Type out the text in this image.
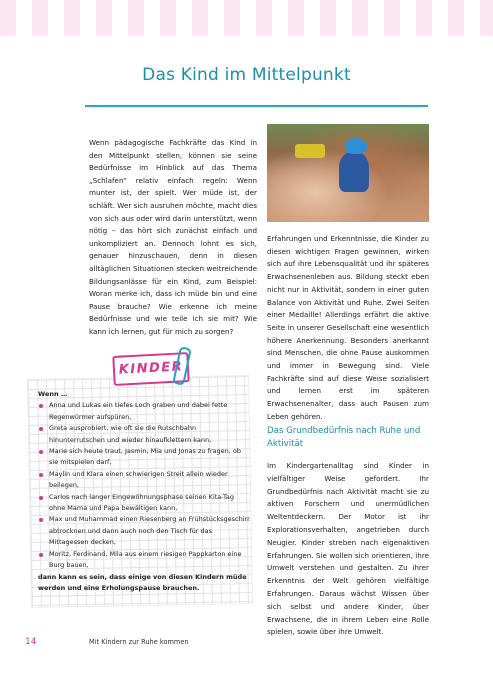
Das Kind im Mittelpunkt

Wenn pädagogische Fachkräfte das Kind in den Mittelpunkt stellen, können sie seine Bedürfnisse im Hinblick auf das Thema „Schlafen“ relativ einfach regeln: Wenn munter ist, der spielt. Wer müde ist, der schläft. Wer sich ausruhen möchte, macht dies von sich aus oder wird darin unterstützt, wenn nötig – das hört sich zunächst einfach und unkompliziert an. Dennoch lohnt es sich, genauer hinzuschauen, denn in diesen alltäglichen Situationen stecken weitreichende Bildungsanlässe für ein Kind, zum Beispiel: Woran merke ich, dass ich müde bin und eine Pause brauche? Wie erkenne ich meine Bedürfnisse und wie teile ich sie mit? Wie kann ich lernen, gut für mich zu sorgen?

Erfahrungen und Erkenntnisse, die Kinder zu diesen wichtigen Fragen gewinnen, wirken sich auf ihre Lebensqualität und ihr späteres Erwachsenenleben aus. Bildung steckt eben nicht nur in Aktivität, sondern in einer guten Balance von Aktivität und Ruhe. Zwei Seiten einer Medaille! Allerdings erfährt die aktive Seite in unserer Gesellschaft eine wesentlich höhere Anerkennung. Besonders anerkannt sind Menschen, die ohne Pause auskommen und immer in Bewegung sind. Viele Fachkräfte sind auf diese Weise sozialisiert und lernen erst im späteren Erwachsenenalter, dass auch Pausen zum Leben gehören.

Das Grundbedürfnis nach Ruhe und Aktivität

Im Kindergartenalltag sind Kinder in vielfältiger Weise gefordert. Ihr Grundbedürfnis nach Aktivität macht sie zu aktiven Forschern und unermüdlichen Weltentdeckern. Der Motor ist ihr Explorationsverhalten, angetrieben durch Neugier. Kinder streben nach eigenaktiven Erfahrungen. Sie wollen sich orientieren, ihre Umwelt verstehen und gestalten. Zu ihrer Erkenntnis der Welt gehören vielfältige Erfahrungen. Daraus wächst Wissen über sich selbst und andere Kinder, über Erwachsene, die in ihrem Leben eine Rolle spielen, sowie über ihre Umwelt.

KINDER

Wenn …

Anna und Lukas ein tiefes Loch graben und dabei fette Regenwürmer aufspüren,
Greta ausprobiert, wie oft sie die Rutschbahn hinunterrutschen und wieder hinaufklettern kann,
Marie sich heute traut, Jasmin, Mia und Jonas zu fragen, ob sie mitspielen darf,
Maylin und Klara einen schwierigen Streit allein wieder beilegen,
Carlos nach langer Eingewöhnungsphase seinen Kita-Tag ohne Mama und Papa bewältigen kann,
Max und Muhammad einen Riesenberg an Frühstücksgeschirr abtrocknen und dann auch noch den Tisch für das Mittagessen decken,
Moritz, Ferdinand, Mila aus einem riesigen Pappkarton eine Burg bauen,

dann kann es sein, dass einige von diesen Kindern müde werden und eine Erholungspause brauchen.

14	Mit Kindern zur Ruhe kommen
